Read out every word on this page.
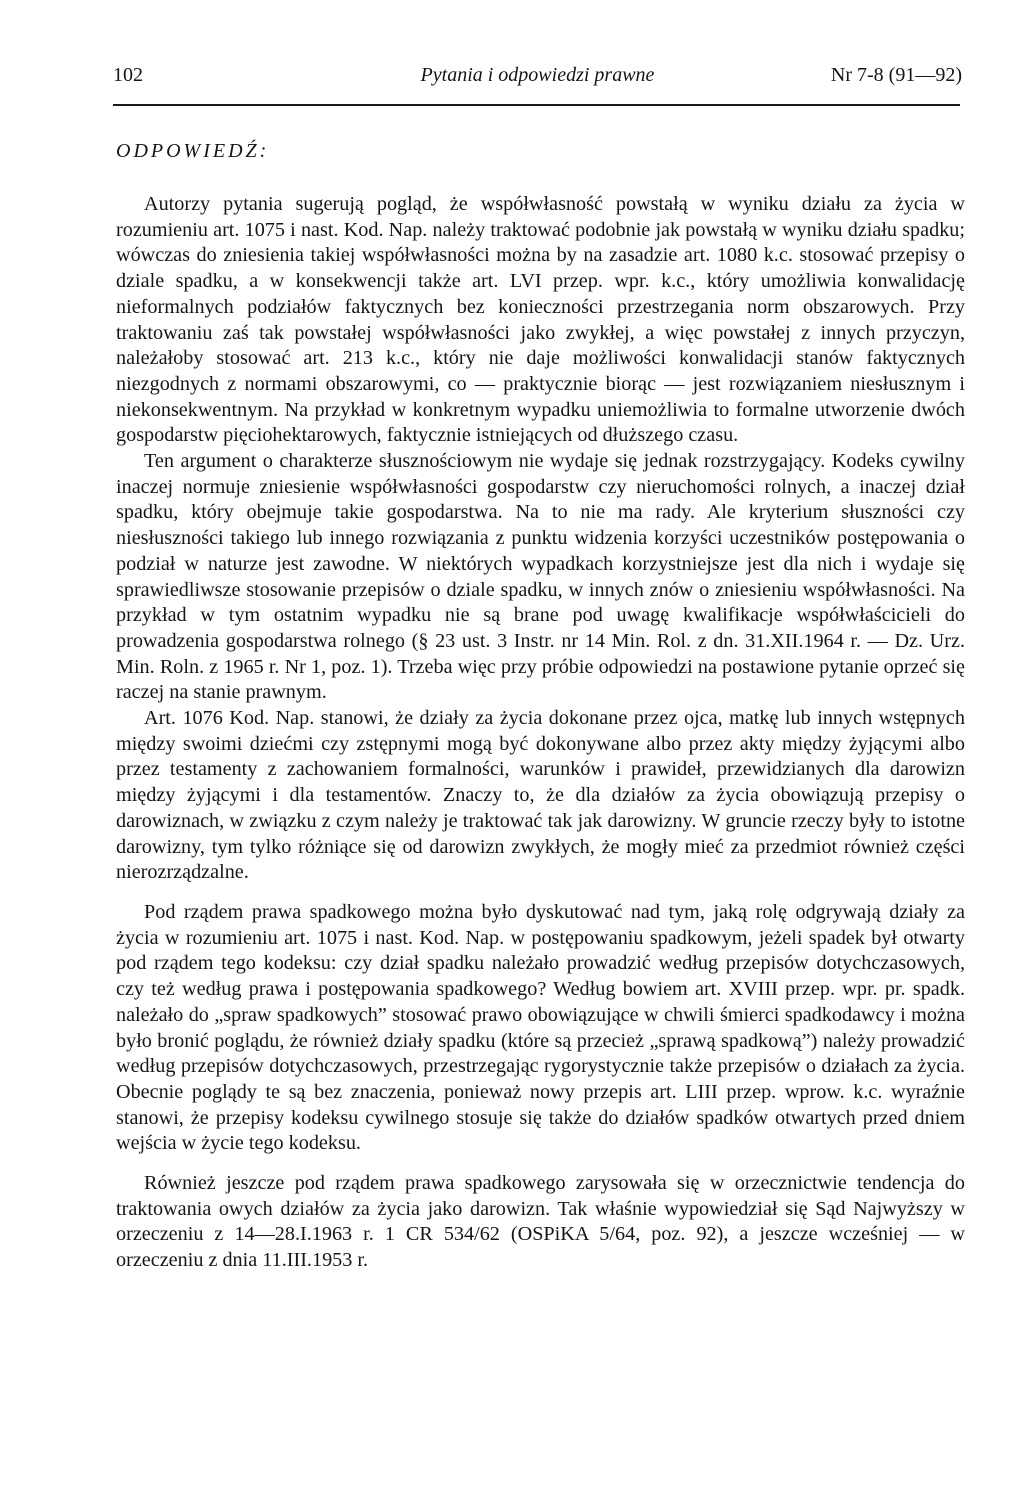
102	Pytania i odpowiedzi prawne	Nr 7-8 (91—92)
ODPOWIEDŹ:

Autorzy pytania sugerują pogląd, że współwłasność powstałą w wyniku działu za życia w rozumieniu art. 1075 i nast. Kod. Nap. należy traktować podobnie jak powstałą w wyniku działu spadku; wówczas do zniesienia takiej współwłasności można by na zasadzie art. 1080 k.c. stosować przepisy o dziale spadku, a w konsekwencji także art. LVI przep. wpr. k.c., który umożliwia konwalidację nieformalnych podziałów faktycznych bez konieczności przestrzegania norm obszarowych. Przy traktowaniu zaś tak powstałej współwłasności jako zwykłej, a więc powstałej z innych przyczyn, należałoby stosować art. 213 k.c., który nie daje możliwości konwalidacji stanów faktycznych niezgodnych z normami obszarowymi, co — praktycznie biorąc — jest rozwiązaniem niesłusznym i niekonsekwentnym. Na przykład w konkretnym wypadku uniemożliwia to formalne utworzenie dwóch gospodarstw pięciohektarowych, faktycznie istniejących od dłuższego czasu.

Ten argument o charakterze słusznościowym nie wydaje się jednak rozstrzygający. Kodeks cywilny inaczej normuje zniesienie współwłasności gospodarstw czy nieruchomości rolnych, a inaczej dział spadku, który obejmuje takie gospodarstwa. Na to nie ma rady. Ale kryterium słuszności czy niesłuszności takiego lub innego rozwiązania z punktu widzenia korzyści uczestników postępowania o podział w naturze jest zawodne. W niektórych wypadkach korzystniejsze jest dla nich i wydaje się sprawiedliwsze stosowanie przepisów o dziale spadku, w innych znów o zniesieniu współwłasności. Na przykład w tym ostatnim wypadku nie są brane pod uwagę kwalifikacje współwłaścicieli do prowadzenia gospodarstwa rolnego (§ 23 ust. 3 Instr. nr 14 Min. Rol. z dn. 31.XII.1964 r. — Dz. Urz. Min. Roln. z 1965 r. Nr 1, poz. 1). Trzeba więc przy próbie odpowiedzi na postawione pytanie oprzeć się raczej na stanie prawnym.

Art. 1076 Kod. Nap. stanowi, że działy za życia dokonane przez ojca, matkę lub innych wstępnych między swoimi dziećmi czy zstępnymi mogą być dokonywane albo przez akty między żyjącymi albo przez testamenty z zachowaniem formalności, warunków i prawideł, przewidzianych dla darowizn między żyjącymi i dla testamentów. Znaczy to, że dla działów za życia obowiązują przepisy o darowiznach, w związku z czym należy je traktować tak jak darowizny. W gruncie rzeczy były to istotne darowizny, tym tylko różniące się od darowizn zwykłych, że mogły mieć za przedmiot również części nierozrządzalne.

Pod rządem prawa spadkowego można było dyskutować nad tym, jaką rolę odgrywają działy za życia w rozumieniu art. 1075 i nast. Kod. Nap. w postępowaniu spadkowym, jeżeli spadek był otwarty pod rządem tego kodeksu: czy dział spadku należało prowadzić według przepisów dotychczasowych, czy też według prawa i postępowania spadkowego? Według bowiem art. XVIII przep. wpr. pr. spadk. należało do „spraw spadkowych” stosować prawo obowiązujące w chwili śmierci spadkodawcy i można było bronić poglądu, że również działy spadku (które są przecież „sprawą spadkową”) należy prowadzić według przepisów dotychczasowych, przestrzegając rygorystycznie także przepisów o działach za życia. Obecnie poglądy te są bez znaczenia, ponieważ nowy przepis art. LIII przep. wprow. k.c. wyraźnie stanowi, że przepisy kodeksu cywilnego stosuje się także do działów spadków otwartych przed dniem wejścia w życie tego kodeksu.

Również jeszcze pod rządem prawa spadkowego zarysowała się w orzecznictwie tendencja do traktowania owych działów za życia jako darowizn. Tak właśnie wypowiedział się Sąd Najwyższy w orzeczeniu z 14—28.I.1963 r. 1 CR 534/62 (OSPiKA 5/64, poz. 92), a jeszcze wcześniej — w orzeczeniu z dnia 11.III.1953 r.
